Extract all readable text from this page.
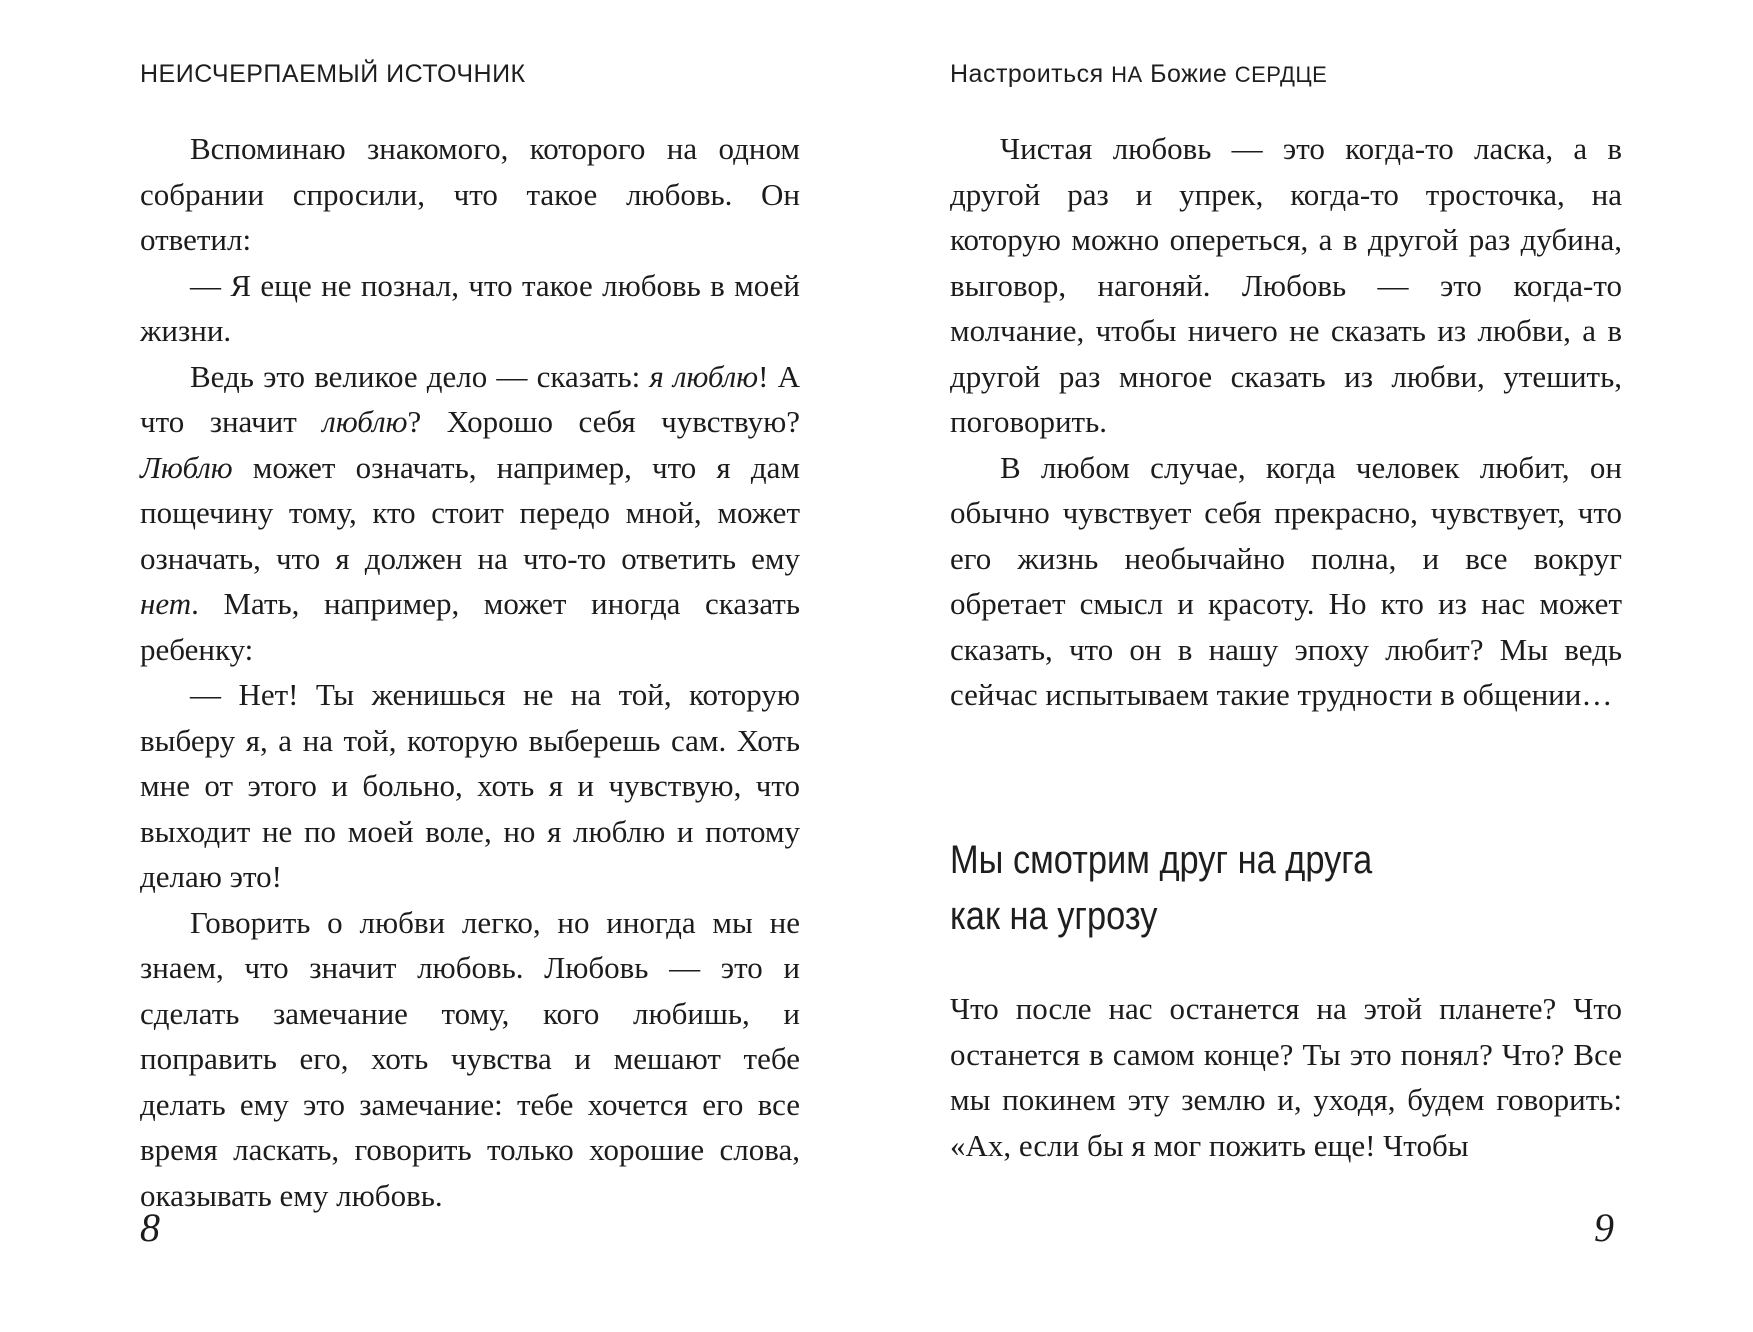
НЕИСЧЕРПАЕМЫЙ ИСТОЧНИК

Вспоминаю знакомого, которого на одном собрании спросили, что такое любовь. Он ответил:

— Я еще не познал, что такое любовь в моей жизни.

Ведь это великое дело — сказать: я люблю! А что значит люблю? Хорошо себя чувствую? Люблю может означать, например, что я дам пощечину тому, кто стоит передо мной, может означать, что я должен на что-то ответить ему нет. Мать, например, может иногда сказать ребенку:

— Нет! Ты женишься не на той, которую выберу я, а на той, которую выберешь сам. Хоть мне от этого и больно, хоть я и чувствую, что выходит не по моей воле, но я люблю и потому делаю это!

Говорить о любви легко, но иногда мы не знаем, что значит любовь. Любовь — это и сделать замечание тому, кого любишь, и поправить его, хоть чувства и мешают тебе делать ему это замечание: тебе хочется его все время ласкать, говорить только хорошие слова, оказывать ему любовь.

8
Настроиться НА Божие СЕРДЦЕ

Чистая любовь — это когда-то ласка, а в другой раз и упрек, когда-то тросточка, на которую можно опереться, а в другой раз дубина, выговор, нагоняй. Любовь — это когда-то молчание, чтобы ничего не сказать из любви, а в другой раз многое сказать из любви, утешить, поговорить.

В любом случае, когда человек любит, он обычно чувствует себя прекрасно, чувствует, что его жизнь необычайно полна, и все вокруг обретает смысл и красоту. Но кто из нас может сказать, что он в нашу эпоху любит? Мы ведь сейчас испытываем такие трудности в общении…

Мы смотрим друг на друга
как на угрозу

Что после нас останется на этой планете? Что останется в самом конце? Ты это понял? Что? Все мы покинем эту землю и, уходя, будем говорить: «Ах, если бы я мог пожить еще! Чтобы

9
